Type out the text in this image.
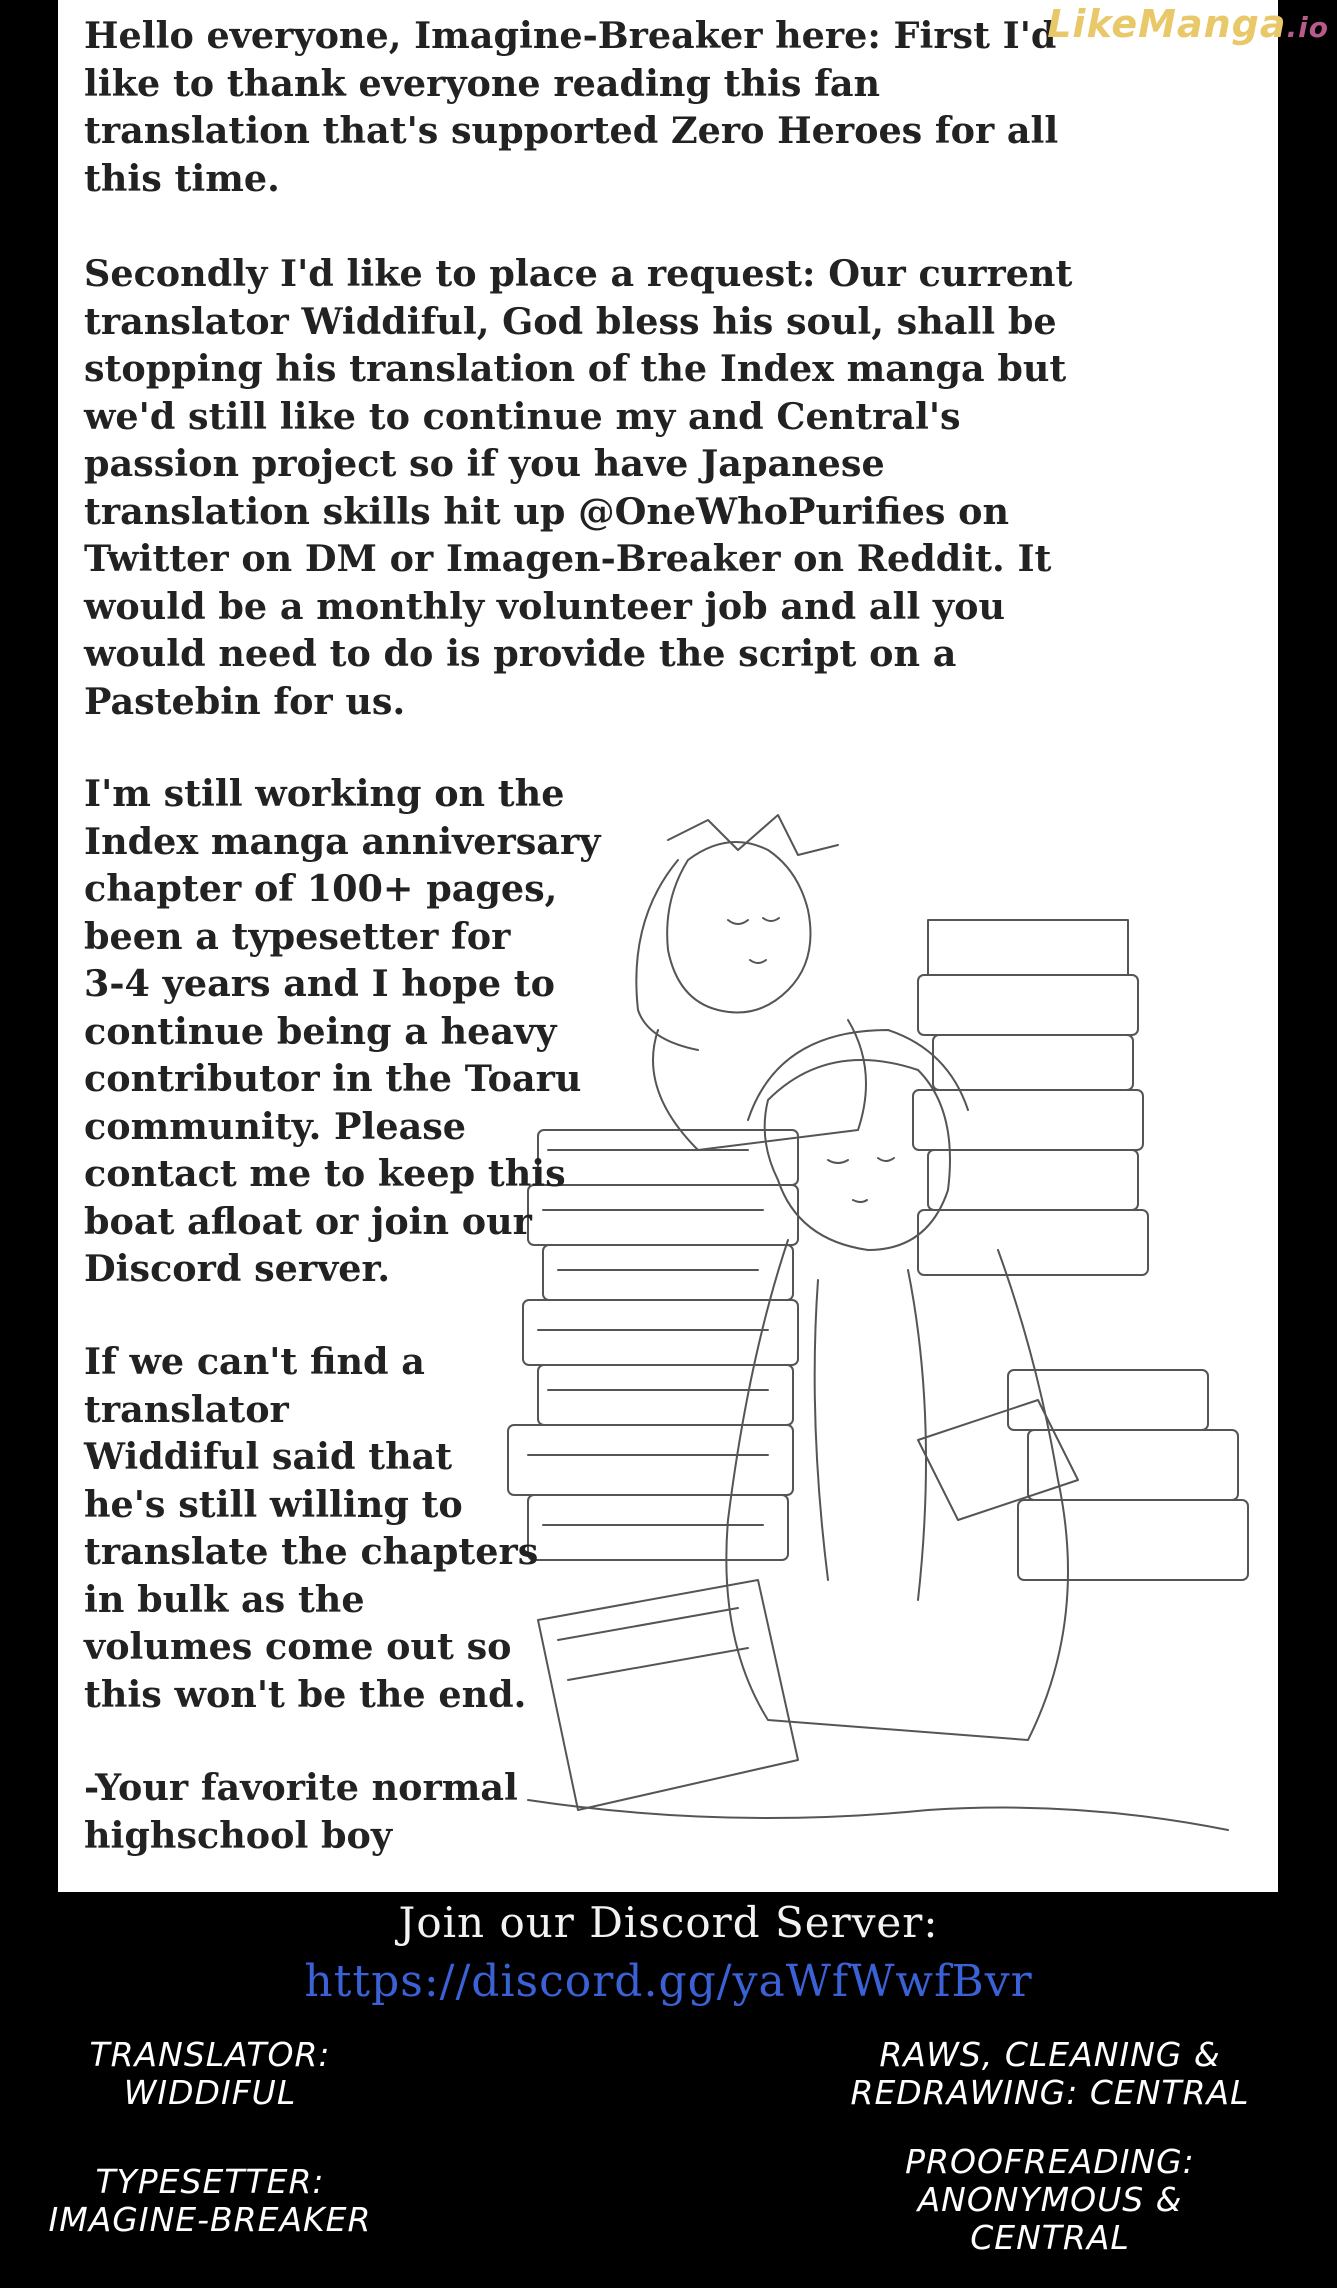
LikeManga.io

Hello everyone, Imagine-Breaker here: First I'd
like to thank everyone reading this fan
translation that's supported Zero Heroes for all
this time.

Secondly I'd like to place a request: Our current
translator Widdiful, God bless his soul, shall be
stopping his translation of the Index manga but
we'd still like to continue my and Central's
passion project so if you have Japanese
translation skills hit up @OneWhoPurifies on
Twitter on DM or Imagen-Breaker on Reddit. It
would be a monthly volunteer job and all you
would need to do is provide the script on a
Pastebin for us.

I'm still working on the
Index manga anniversary
chapter of 100+ pages,
been a typesetter for
3-4 years and I hope to
continue being a heavy
contributor in the Toaru
community. Please
contact me to keep this
boat afloat or join our
Discord server.

If we can't find a
translator
Widdiful said that
he's still willing to
translate the chapters
in bulk as the
volumes come out so
this won't be the end.

-Your favorite normal
highschool boy

Join our Discord Server:
https://discord.gg/yaWfWwfBvr
TRANSLATOR:
WIDDIFUL
RAWS, CLEANING &
REDRAWING: CENTRAL
TYPESETTER:
IMAGINE-BREAKER
PROOFREADING:
ANONYMOUS &
CENTRAL
